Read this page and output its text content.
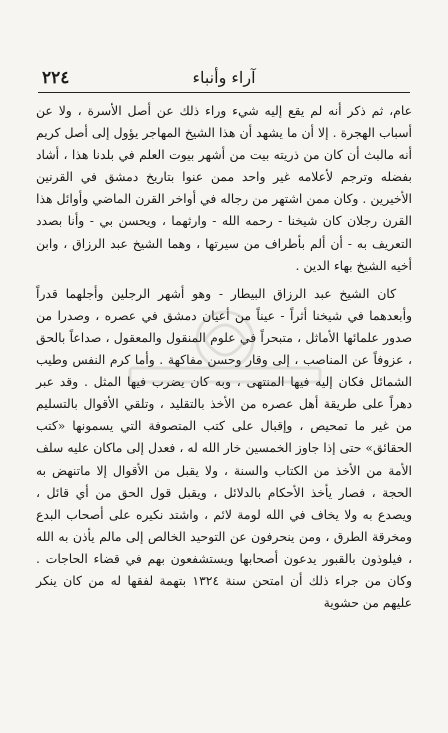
٢٢٤	آراء وأنباء

عام، ثم ذكر أنه لم يقع إليه شيء وراء ذلك عن أصل الأسرة ، ولا عن أسباب الهجرة . إلا أن ما يشهد أن هذا الشيخ المهاجر يؤول إلى أصل كريم أنه مالبث أن كان من ذريته بيت من أشهر بيوت العلم في بلدنا هذا ، أشاد بفضله وترجم لأعلامه غير واحد ممن عنوا بتاريخ دمشق في القرنين الأخيرين . وكان ممن اشتهر من رجاله في أواخر القرن الماضي وأوائل هذا القرن رجلان كان شيخنا - رحمه الله - وارثهما ، ويحسن بي - وأنا بصدد التعريف به - أن ألم بأطراف من سيرتها ، وهما الشيخ عبد الرزاق ، وابن أخيه الشيخ بهاء الدين .

كان الشيخ عبد الرزاق البيطار - وهو أشهر الرجلين وأجلهما قدراً وأبعدهما في شيخنا أثراً - عيناً من أعيان دمشق في عصره ، وصدرا من صدور علمائها الأماثل ، متبحراً في علوم المنقول والمعقول ، صداعاً بالحق ، عزوفاً عن المناصب ، إلى وقار وحسن مفاكهة . وأما كرم النفس وطيب الشمائل فكان إليه فيها المنتهى ، وبه كان يضرب فيها المثل . وقد عبر دهراً على طريقة أهل عصره من الأخذ بالتقليد ، وتلقي الأقوال بالتسليم من غير ما تمحيص ، وإقبال على كتب المتصوفة التي يسمونها «كتب الحقائق» حتى إذا جاوز الخمسين خار الله له ، فعدل إلى ماكان عليه سلف الأمة من الأخذ من الكتاب والسنة ، ولا يقبل من الأقوال إلا ماتنهض به الحجة ، فصار يأخذ الأحكام بالدلائل ، ويقبل قول الحق من أي قائل ، ويصدع به ولا يخاف في الله لومة لائم ، واشتد نكيره على أصحاب البدع ومخرقة الطرق ، ومن ينحرفون عن التوحيد الخالص إلى مالم يأذن به الله ، فيلوذون بالقبور يدعون أصحابها ويستشفعون بهم في قضاء الحاجات . وكان من جراء ذلك أن امتحن سنة ١٣٢٤ بتهمة لفقها له من كان ينكر عليهم من حشوية
